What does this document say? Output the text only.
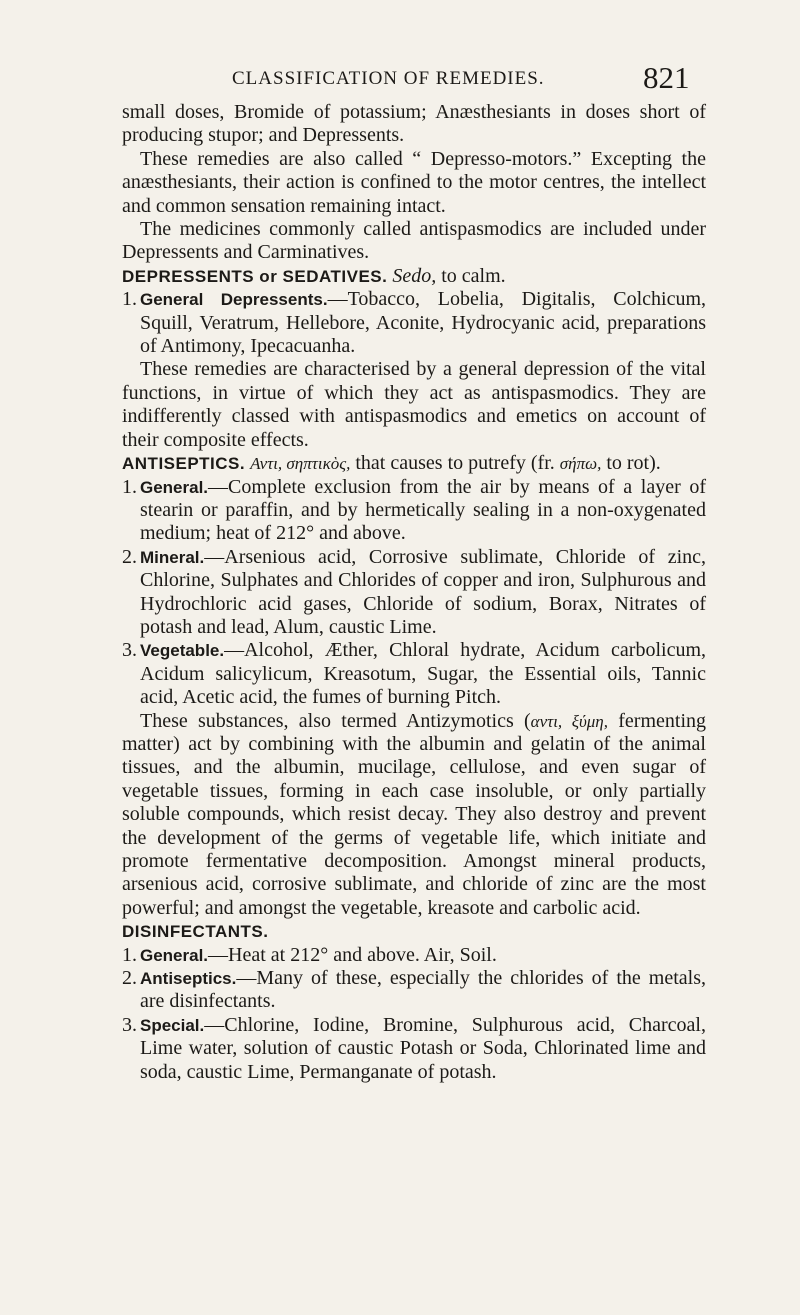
CLASSIFICATION OF REMEDIES.	821

small doses, Bromide of potassium; Anæsthesiants in doses short of producing stupor; and Depressents.

These remedies are also called “ Depresso-motors.” Excepting the anæsthesiants, their action is confined to the motor centres, the intellect and common sensation remaining intact.

The medicines commonly called antispasmodics are included under Depressents and Carminatives.

DEPRESSENTS or SEDATIVES. Sedo, to calm.

1. General Depressents.—Tobacco, Lobelia, Digitalis, Colchicum, Squill, Veratrum, Hellebore, Aconite, Hydrocyanic acid, preparations of Antimony, Ipecacuanha.

These remedies are characterised by a general depression of the vital functions, in virtue of which they act as antispasmodics. They are indifferently classed with antispasmodics and emetics on account of their composite effects.

ANTISEPTICS. Αντι, σηπτικὸς, that causes to putrefy (fr. σήπω, to rot).

1. General.—Complete exclusion from the air by means of a layer of stearin or paraffin, and by hermetically sealing in a non-oxygenated medium; heat of 212° and above.

2. Mineral.—Arsenious acid, Corrosive sublimate, Chloride of zinc, Chlorine, Sulphates and Chlorides of copper and iron, Sulphurous and Hydrochloric acid gases, Chloride of sodium, Borax, Nitrates of potash and lead, Alum, caustic Lime.

3. Vegetable.—Alcohol, Æther, Chloral hydrate, Acidum carbolicum, Acidum salicylicum, Kreasotum, Sugar, the Essential oils, Tannic acid, Acetic acid, the fumes of burning Pitch.

These substances, also termed Antizymotics (αντι, ξύμη, fermenting matter) act by combining with the albumin and gelatin of the animal tissues, and the albumin, mucilage, cellulose, and even sugar of vegetable tissues, forming in each case insoluble, or only partially soluble compounds, which resist decay. They also destroy and prevent the development of the germs of vegetable life, which initiate and promote fermentative decomposition. Amongst mineral products, arsenious acid, corrosive sublimate, and chloride of zinc are the most powerful; and amongst the vegetable, kreasote and carbolic acid.

DISINFECTANTS.

1. General.—Heat at 212° and above. Air, Soil.

2. Antiseptics.—Many of these, especially the chlorides of the metals, are disinfectants.

3. Special.—Chlorine, Iodine, Bromine, Sulphurous acid, Charcoal, Lime water, solution of caustic Potash or Soda, Chlorinated lime and soda, caustic Lime, Permanganate of potash.
